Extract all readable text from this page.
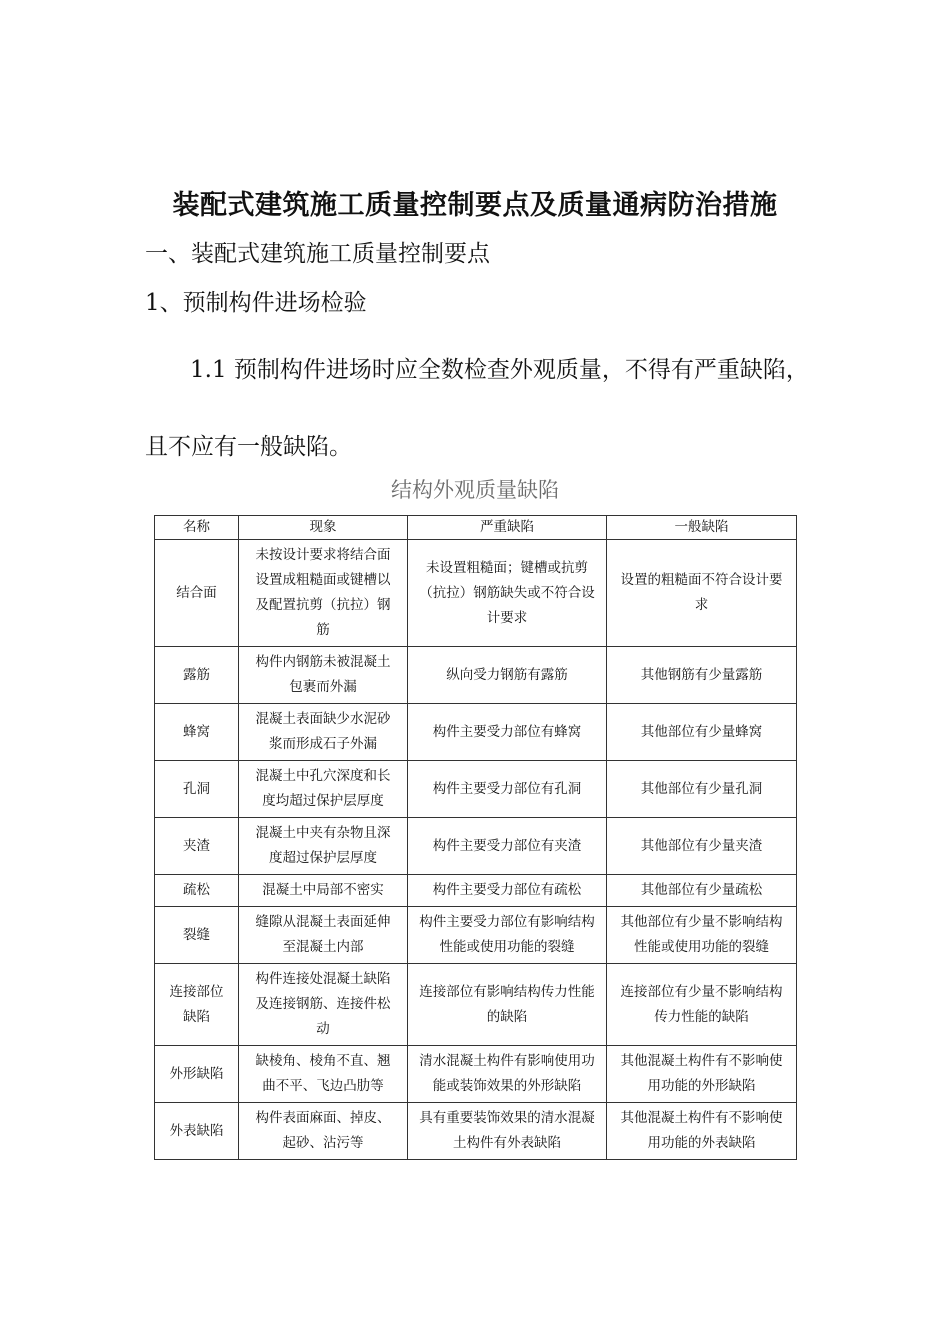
装配式建筑施工质量控制要点及质量通病防治措施
一、装配式建筑施工质量控制要点
1、预制构件进场检验
1.1 预制构件进场时应全数检查外观质量，不得有严重缺陷，
且不应有一般缺陷。
结构外观质量缺陷
名称	现象	严重缺陷	一般缺陷
结合面	未按设计要求将结合面设置成粗糙面或键槽以及配置抗剪（抗拉）钢筋	未设置粗糙面；键槽或抗剪（抗拉）钢筋缺失或不符合设计要求	设置的粗糙面不符合设计要求
露筋	构件内钢筋未被混凝土包裹而外漏	纵向受力钢筋有露筋	其他钢筋有少量露筋
蜂窝	混凝土表面缺少水泥砂浆而形成石子外漏	构件主要受力部位有蜂窝	其他部位有少量蜂窝
孔洞	混凝土中孔穴深度和长度均超过保护层厚度	构件主要受力部位有孔洞	其他部位有少量孔洞
夹渣	混凝土中夹有杂物且深度超过保护层厚度	构件主要受力部位有夹渣	其他部位有少量夹渣
疏松	混凝土中局部不密实	构件主要受力部位有疏松	其他部位有少量疏松
裂缝	缝隙从混凝土表面延伸至混凝土内部	构件主要受力部位有影响结构性能或使用功能的裂缝	其他部位有少量不影响结构性能或使用功能的裂缝
连接部位缺陷	构件连接处混凝土缺陷及连接钢筋、连接件松动	连接部位有影响结构传力性能的缺陷	连接部位有少量不影响结构传力性能的缺陷
外形缺陷	缺棱角、棱角不直、翘曲不平、飞边凸肋等	清水混凝土构件有影响使用功能或装饰效果的外形缺陷	其他混凝土构件有不影响使用功能的外形缺陷
外表缺陷	构件表面麻面、掉皮、起砂、沾污等	具有重要装饰效果的清水混凝土构件有外表缺陷	其他混凝土构件有不影响使用功能的外表缺陷
